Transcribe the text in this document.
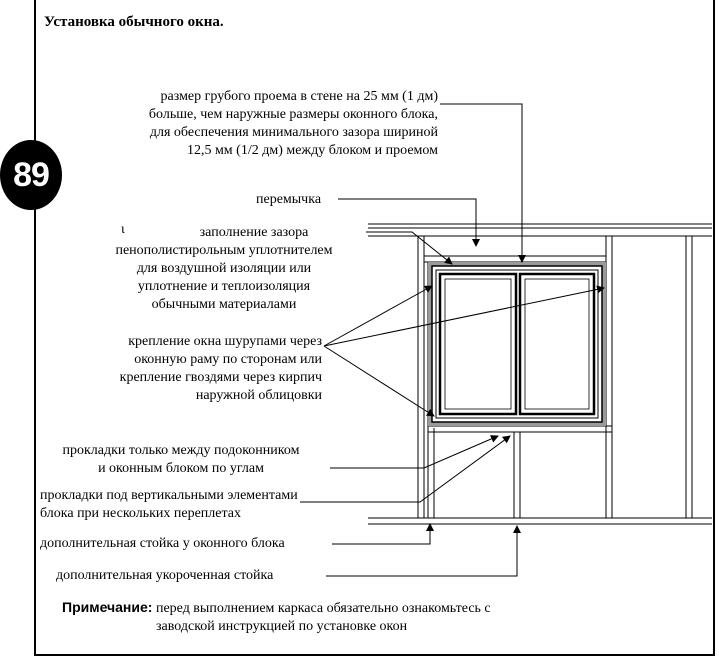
Установка обычного окна.
89
размер грубого проема в стене на 25 мм (1 дм)
больше, чем наружные размеры оконного блока,
для обеспечения минимального зазора шириной
12,5 мм (1/2 дм) между блоком и проемом
перемычка
ι	заполнение зазора
пенополистирольным уплотнителем
для воздушной изоляции или
уплотнение и теплоизоляция
обычными материалами
крепление окна шурупами через
оконную раму по сторонам или
крепление гвоздями через кирпич
наружной облицовки
прокладки только между подоконником
и оконным блоком по углам
прокладки под вертикальными элементами
блока при нескольких переплетах
дополнительная стойка у оконного блока
дополнительная укороченная стойка
Примечание: перед выполнением каркаса обязательно ознакомьтесь с
заводской инструкцией по установке окон
